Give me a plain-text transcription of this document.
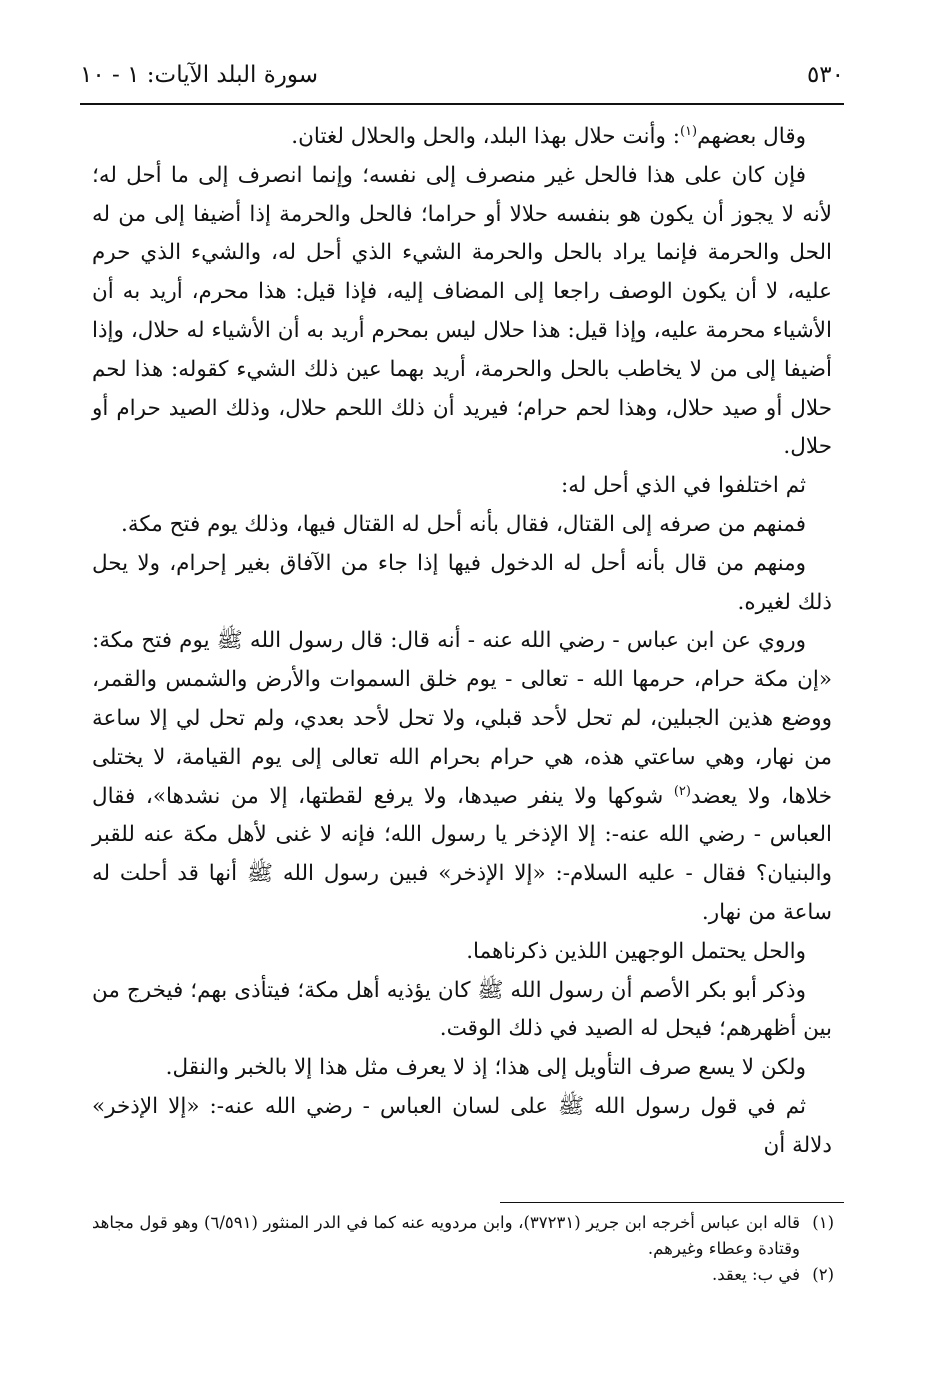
٥٣٠
سورة البلد الآيات: ١ - ١٠

وقال بعضهم$^{(١)}$: وأنت حلال بهذا البلد، والحل والحلال لغتان.

فإن كان على هذا فالحل غير منصرف إلى نفسه؛ وإنما انصرف إلى ما أحل له؛ لأنه لا يجوز أن يكون هو بنفسه حلالا أو حراما؛ فالحل والحرمة إذا أضيفا إلى من له الحل والحرمة فإنما يراد بالحل والحرمة الشيء الذي أحل له، والشيء الذي حرم عليه، لا أن يكون الوصف راجعا إلى المضاف إليه، فإذا قيل: هذا محرم، أريد به أن الأشياء محرمة عليه، وإذا قيل: هذا حلال ليس بمحرم أريد به أن الأشياء له حلال، وإذا أضيفا إلى من لا يخاطب بالحل والحرمة، أريد بهما عين ذلك الشيء كقوله: هذا لحم حلال أو صيد حلال، وهذا لحم حرام؛ فيريد أن ذلك اللحم حلال، وذلك الصيد حرام أو حلال.

ثم اختلفوا في الذي أحل له:

فمنهم من صرفه إلى القتال، فقال بأنه أحل له القتال فيها، وذلك يوم فتح مكة.

ومنهم من قال بأنه أحل له الدخول فيها إذا جاء من الآفاق بغير إحرام، ولا يحل ذلك لغيره.

وروي عن ابن عباس - رضي الله عنه - أنه قال: قال رسول الله ﷺ يوم فتح مكة: «إن مكة حرام، حرمها الله - تعالى - يوم خلق السموات والأرض والشمس والقمر، ووضع هذين الجبلين، لم تحل لأحد قبلي، ولا تحل لأحد بعدي، ولم تحل لي إلا ساعة من نهار، وهي ساعتي هذه، هي حرام بحرام الله تعالى إلى يوم القيامة، لا يختلى خلاها، ولا يعضد$^{(٢)}$ شوكها ولا ينفر صيدها، ولا يرفع لقطتها، إلا من نشدها»، فقال العباس - رضي الله عنه-: إلا الإذخر يا رسول الله؛ فإنه لا غنى لأهل مكة عنه للقبر والبنيان؟ فقال - عليه السلام-: «إلا الإذخر» فبين رسول الله ﷺ أنها قد أحلت له ساعة من نهار.

والحل يحتمل الوجهين اللذين ذكرناهما.

وذكر أبو بكر الأصم أن رسول الله ﷺ كان يؤذيه أهل مكة؛ فيتأذى بهم؛ فيخرج من بين أظهرهم؛ فيحل له الصيد في ذلك الوقت.

ولكن لا يسع صرف التأويل إلى هذا؛ إذ لا يعرف مثل هذا إلا بالخبر والنقل.

ثم في قول رسول الله ﷺ على لسان العباس - رضي الله عنه-: «إلا الإذخر» دلالة أن

(١)
قاله ابن عباس أخرجه ابن جرير (٣٧٢٣١)، وابن مردويه عنه كما في الدر المنثور (٦/٥٩١) وهو قول مجاهد وقتادة وعطاء وغيرهم.

(٢)
في ب: يعقد.
